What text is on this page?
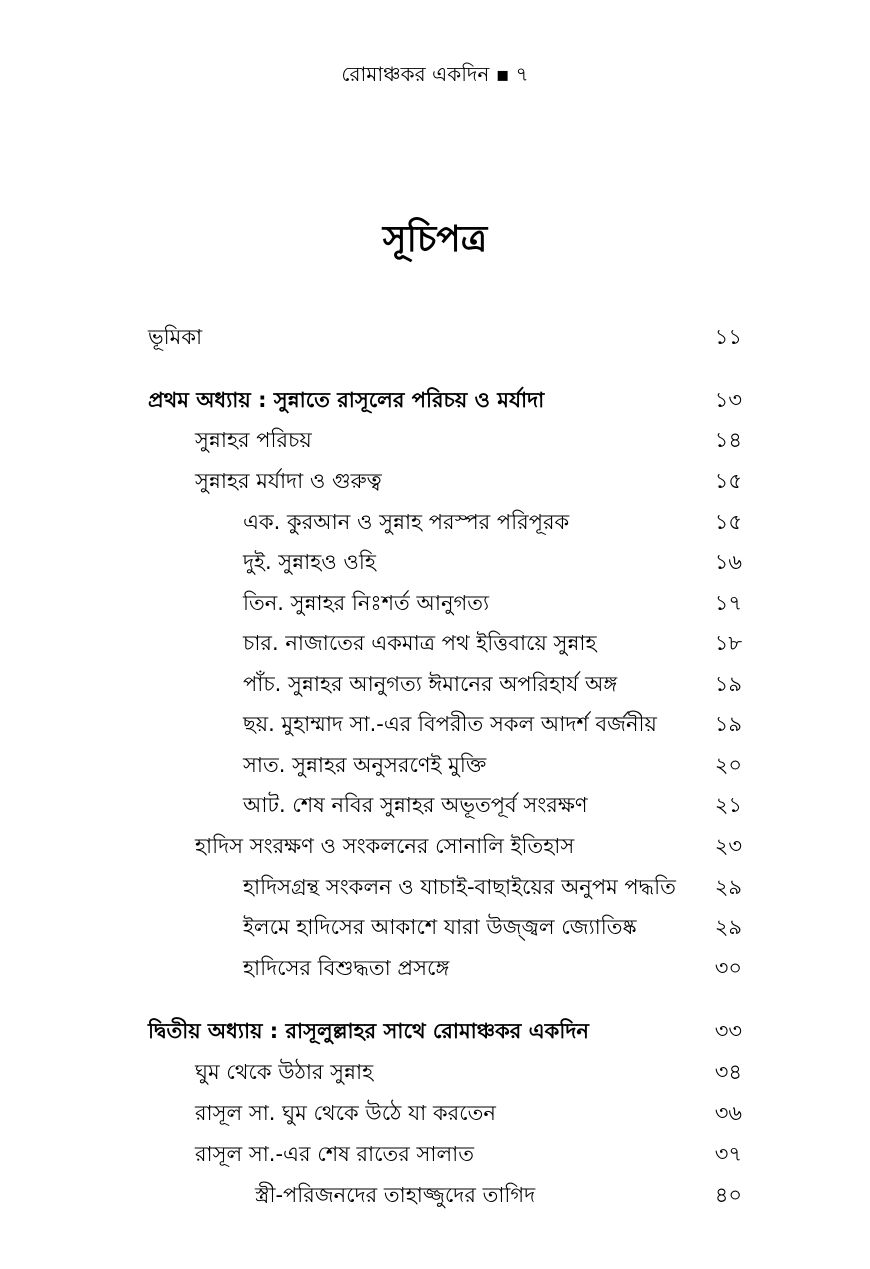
রোমাঞ্চকর একদিন ▪ ৭
সূচিপত্র
ভূমিকা	১১
প্রথম অধ্যায় : সুন্নাতে রাসূলের পরিচয় ও মর্যাদা	১৩
সুন্নাহর পরিচয়	১৪
সুন্নাহর মর্যাদা ও গুরুত্ব	১৫
এক. কুরআন ও সুন্নাহ পরস্পর পরিপূরক	১৫
দুই. সুন্নাহও ওহি	১৬
তিন. সুন্নাহর নিঃশর্ত আনুগত্য	১৭
চার. নাজাতের একমাত্র পথ ইত্তিবায়ে সুন্নাহ	১৮
পাঁচ. সুন্নাহর আনুগত্য ঈমানের অপরিহার্য অঙ্গ	১৯
ছয়. মুহাম্মাদ সা.-এর বিপরীত সকল আদর্শ বর্জনীয়	১৯
সাত. সুন্নাহর অনুসরণেই মুক্তি	২০
আট. শেষ নবির সুন্নাহর অভূতপূর্ব সংরক্ষণ	২১
হাদিস সংরক্ষণ ও সংকলনের সোনালি ইতিহাস	২৩
হাদিসগ্রন্থ সংকলন ও যাচাই-বাছাইয়ের অনুপম পদ্ধতি ২৯
ইলমে হাদিসের আকাশে যারা উজ্জ্বল জ্যোতিষ্ক	২৯
হাদিসের বিশুদ্ধতা প্রসঙ্গে	৩০
দ্বিতীয় অধ্যায় : রাসূলুল্লাহর সাথে রোমাঞ্চকর একদিন	৩৩
ঘুম থেকে উঠার সুন্নাহ	৩৪
রাসূল সা. ঘুম থেকে উঠে যা করতেন	৩৬
রাসূল সা.-এর শেষ রাতের সালাত	৩৭
স্ত্রী-পরিজনদের তাহাজ্জুদের তাগিদ	৪০
